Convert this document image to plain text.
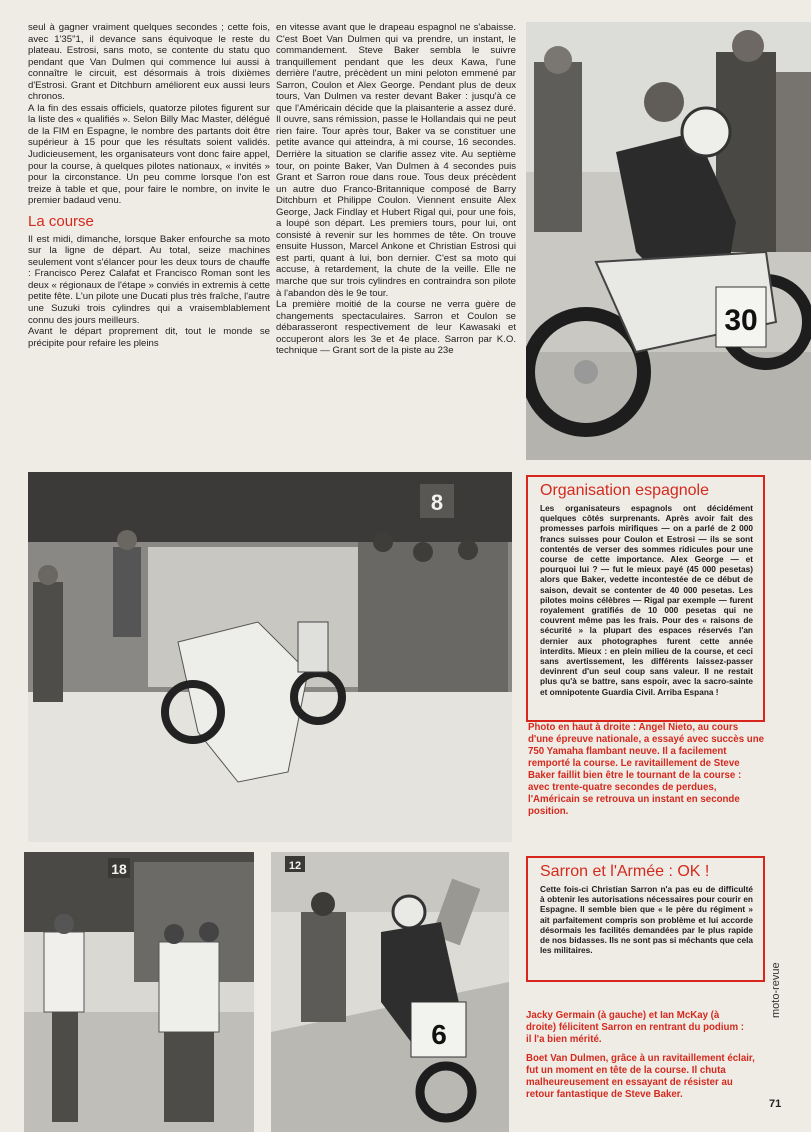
seul à gagner vraiment quelques secondes ; cette fois, avec 1'35"1, il devance sans équivoque le reste du plateau. Estrosi, sans moto, se contente du statu quo pendant que Van Dulmen qui commence lui aussi à connaître le circuit, est désormais à trois dixièmes d'Estrosi. Grant et Ditchburn améliorent eux aussi leurs chronos.

A la fin des essais officiels, quatorze pilotes figurent sur la liste des « qualifiés ». Selon Billy Mac Master, délégué de la FIM en Espagne, le nombre des partants doit être supérieur à 15 pour que les résultats soient validés. Judicieusement, les organisateurs vont donc faire appel, pour la course, à quelques pilotes nationaux, « invités » pour la circonstance. Un peu comme lorsque l'on est treize à table et que, pour faire le nombre, on invite le premier badaud venu.

La course

Il est midi, dimanche, lorsque Baker enfourche sa moto sur la ligne de départ. Au total, seize machines seulement vont s'élancer pour les deux tours de chauffe : Francisco Perez Calafat et Francisco Roman sont les deux « régionaux de l'étape » conviés in extremis à cette petite fête. L'un pilote une Ducati plus très fraîche, l'autre une Suzuki trois cylindres qui a vraisemblablement connu des jours meilleurs.

Avant le départ proprement dit, tout le monde se précipite pour refaire les pleins

en vitesse avant que le drapeau espagnol ne s'abaisse. C'est Boet Van Dulmen qui va prendre, un instant, le commandement. Steve Baker sembla le suivre tranquillement pendant que les deux Kawa, l'une derrière l'autre, précèdent un mini peloton emmené par Sarron, Coulon et Alex George. Pendant plus de deux tours, Van Dulmen va rester devant Baker : jusqu'à ce que l'Américain décide que la plaisanterie a assez duré. Il ouvre, sans rémission, passe le Hollandais qui ne peut rien faire. Tour après tour, Baker va se constituer une petite avance qui atteindra, à mi course, 16 secondes. Derrière la situation se clarifie assez vite. Au septième tour, on pointe Baker, Van Dulmen à 4 secondes puis Grant et Sarron roue dans roue. Tous deux précèdent un autre duo Franco-Britannique composé de Barry Ditchburn et Philippe Coulon. Viennent ensuite Alex George, Jack Findlay et Hubert Rigal qui, pour une fois, a loupé son départ. Les premiers tours, pour lui, ont consisté à revenir sur les hommes de tête. On trouve ensuite Husson, Marcel Ankone et Christian Estrosi qui est parti, quant à lui, bon dernier. C'est sa moto qui accuse, à retardement, la chute de la veille. Elle ne marche que sur trois cylindres en contraindra son pilote à l'abandon dès le 9e tour.

La première moitié de la course ne verra guère de changements spectaculaires. Sarron et Coulon se débarasseront respectivement de leur Kawasaki et occuperont alors les 3e et 4e place. Sarron par K.O. technique — Grant sort de la piste au 23e

30
8	Organisation espagnole

Les organisateurs espagnols ont décidément quelques côtés surprenants. Après avoir fait des promesses parfois mirifiques — on a parlé de 2 000 francs suisses pour Coulon et Estrosi — ils se sont contentés de verser des sommes ridicules pour une course de cette importance. Alex George — et pourquoi lui ? — fut le mieux payé (45 000 pesetas) alors que Baker, vedette incontestée de ce début de saison, devait se contenter de 40 000 pesetas. Les pilotes moins célèbres — Rigal par exemple — furent royalement gratifiés de 10 000 pesetas qui ne couvrent même pas les frais. Pour des « raisons de sécurité » la plupart des espaces réservés l'an dernier aux photographes furent cette année interdits. Mieux : en plein milieu de la course, et ceci sans avertissement, les différents laissez-passer devinrent d'un seul coup sans valeur. Il ne restait plus qu'à se battre, sans espoir, avec la sacro-sainte et omnipotente Guardia Civil. Arriba Espana !

Photo en haut à droite : Angel Nieto, au cours d'une épreuve nationale, a essayé avec succès une 750 Yamaha flambant neuve. Il a facilement remporté la course. Le ravitaillement de Steve Baker faillit bien être le tournant de la course : avec trente-quatre secondes de perdues, l'Américain se retrouva un instant en seconde position.

Sarron et l'Armée : OK !

Cette fois-ci Christian Sarron n'a pas eu de difficulté à obtenir les autorisations nécessaires pour courir en Espagne. Il semble bien que « le père du régiment » ait parfaitement compris son problème et lui accorde désormais les facilités demandées par le plus rapide de nos bidasses. Ils ne sont pas si méchants que cela les militaires.

18	12
6

Jacky Germain (à gauche) et Ian McKay (à droite) félicitent Sarron en rentrant du podium : il l'a bien mérité.

Boet Van Dulmen, grâce à un ravitaillement éclair, fut un moment en tête de la course. Il chuta malheureusement en essayant de résister au retour fantastique de Steve Baker.

moto-revue
71
